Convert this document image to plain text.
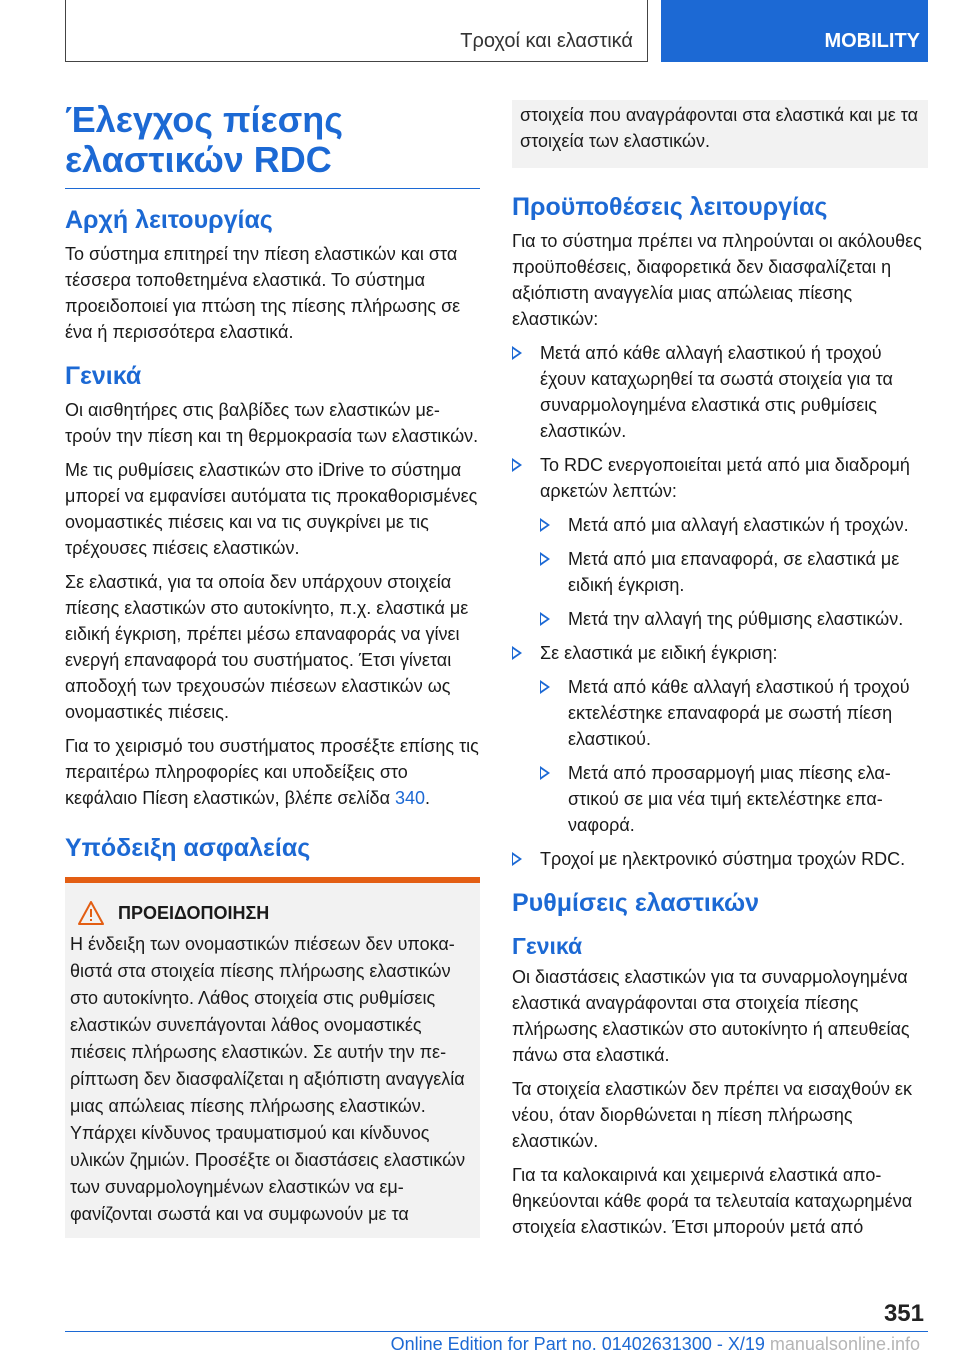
Τροχοί και ελαστικά	MOBILITY
Έλεγχος πίεσης ελαστικών RDC
Αρχή λειτουργίας

Το σύστημα επιτηρεί την πίεση ελαστικών και στα τέσσερα τοποθετημένα ελαστικά. Το σύστημα προειδοποιεί για πτώση της πίεσης πλήρωσης σε ένα ή περισσότερα ελαστικά.

Γενικά

Οι αισθητήρες στις βαλβίδες των ελαστικών μετρούν την πίεση και τη θερμοκρασία των ελαστικών.

Με τις ρυθμίσεις ελαστικών στο iDrive το σύστημα μπορεί να εμφανίσει αυτόματα τις προκαθορισμένες ονομαστικές πιέσεις και να τις συγκρίνει με τις τρέχουσες πιέσεις ελαστικών.

Σε ελαστικά, για τα οποία δεν υπάρχουν στοιχεία πίεσης ελαστικών στο αυτοκίνητο, π.χ. ελαστικά με ειδική έγκριση, πρέπει μέσω επαναφοράς να γίνει ενεργή επαναφορά του συστήματος. Έτσι γίνεται αποδοχή των τρεχουσών πιέσεων ελαστικών ως ονομαστικές πιέσεις.

Για το χειρισμό του συστήματος προσέξτε επίσης τις περαιτέρω πληροφορίες και υποδείξεις στο κεφάλαιο Πίεση ελαστικών, βλέπε σελίδα 340.

Υπόδειξη ασφαλείας
ΠΡΟΕΙΔΟΠΟΙΗΣΗ

Η ένδειξη των ονομαστικών πιέσεων δεν υποκαθιστά στα στοιχεία πίεσης πλήρωσης ελαστικών στο αυτοκίνητο. Λάθος στοιχεία στις ρυθμίσεις ελαστικών συνεπάγονται λάθος ονομαστικές πιέσεις πλήρωσης ελαστικών. Σε αυτήν την περίπτωση δεν διασφαλίζεται η αξιόπιστη αναγγελία μιας απώλειας πίεσης πλήρωσης ελαστικών. Υπάρχει κίνδυνος τραυματισμού και κίνδυνος υλικών ζημιών. Προσέξτε οι διαστάσεις ελαστικών των συναρμολογημένων ελαστικών να εμφανίζονται σωστά και να συμφωνούν με τα

στοιχεία που αναγράφονται στα ελαστικά και με τα στοιχεία των ελαστικών.

Προϋποθέσεις λειτουργίας

Για το σύστημα πρέπει να πληρούνται οι ακόλουθες προϋποθέσεις, διαφορετικά δεν διασφαλίζεται η αξιόπιστη αναγγελία μιας απώλειας πίεσης ελαστικών:

Μετά από κάθε αλλαγή ελαστικού ή τροχού έχουν καταχωρηθεί τα σωστά στοιχεία για τα συναρμολογημένα ελαστικά στις ρυθμίσεις ελαστικών.
Το RDC ενεργοποιείται μετά από μια διαδρομή αρκετών λεπτών:
Μετά από μια αλλαγή ελαστικών ή τροχών.
Μετά από μια επαναφορά, σε ελαστικά με ειδική έγκριση.
Μετά την αλλαγή της ρύθμισης ελαστικών.
Σε ελαστικά με ειδική έγκριση:
Μετά από κάθε αλλαγή ελαστικού ή τροχού εκτελέστηκε επαναφορά με σωστή πίεση ελαστικού.
Μετά από προσαρμογή μιας πίεσης ελαστικού σε μια νέα τιμή εκτελέστηκε επαναφορά.
Τροχοί με ηλεκτρονικό σύστημα τροχών RDC.
Ρυθμίσεις ελαστικών
Γενικά

Οι διαστάσεις ελαστικών για τα συναρμολογημένα ελαστικά αναγράφονται στα στοιχεία πίεσης πλήρωσης ελαστικών στο αυτοκίνητο ή απευθείας πάνω στα ελαστικά.

Τα στοιχεία ελαστικών δεν πρέπει να εισαχθούν εκ νέου, όταν διορθώνεται η πίεση πλήρωσης ελαστικών.

Για τα καλοκαιρινά και χειμερινά ελαστικά αποθηκεύονται κάθε φορά τα τελευταία καταχωρημένα στοιχεία ελαστικών. Έτσι μπορούν μετά από

351
Online Edition for Part no. 01402631300 - X/19 manualsonline.info
